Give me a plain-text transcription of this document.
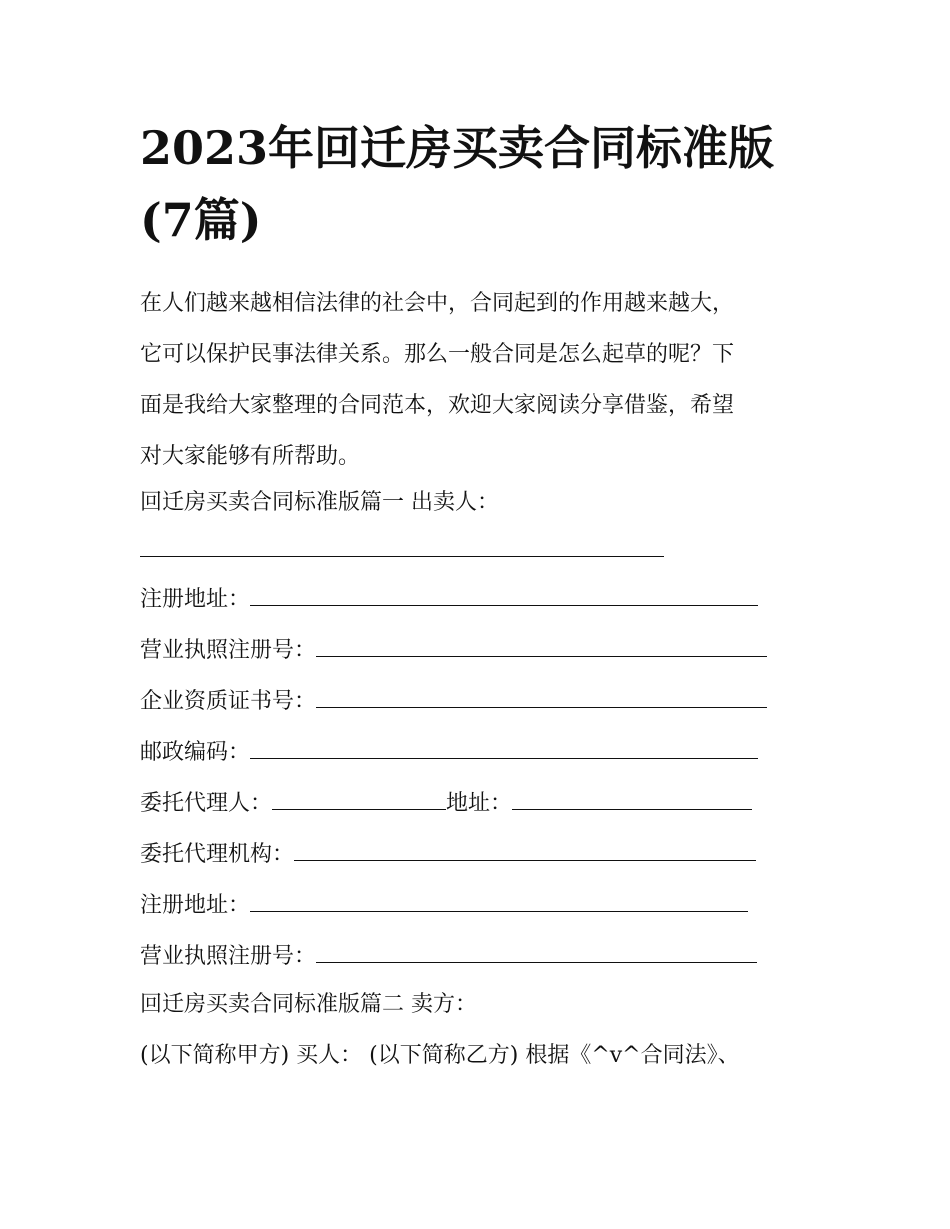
2023年回迁房买卖合同标准版
(7篇)
在人们越来越相信法律的社会中，合同起到的作用越来越大，
它可以保护民事法律关系。那么一般合同是怎么起草的呢？下
面是我给大家整理的合同范本，欢迎大家阅读分享借鉴，希望
对大家能够有所帮助。
回迁房买卖合同标准版篇一 出卖人：
注册地址：
营业执照注册号：
企业资质证书号：
邮政编码：
委托代理人：	地址：
委托代理机构：
注册地址：
营业执照注册号：
回迁房买卖合同标准版篇二 卖方：
(以下简称甲方) 买人： (以下简称乙方) 根据《^v^合同法》、
